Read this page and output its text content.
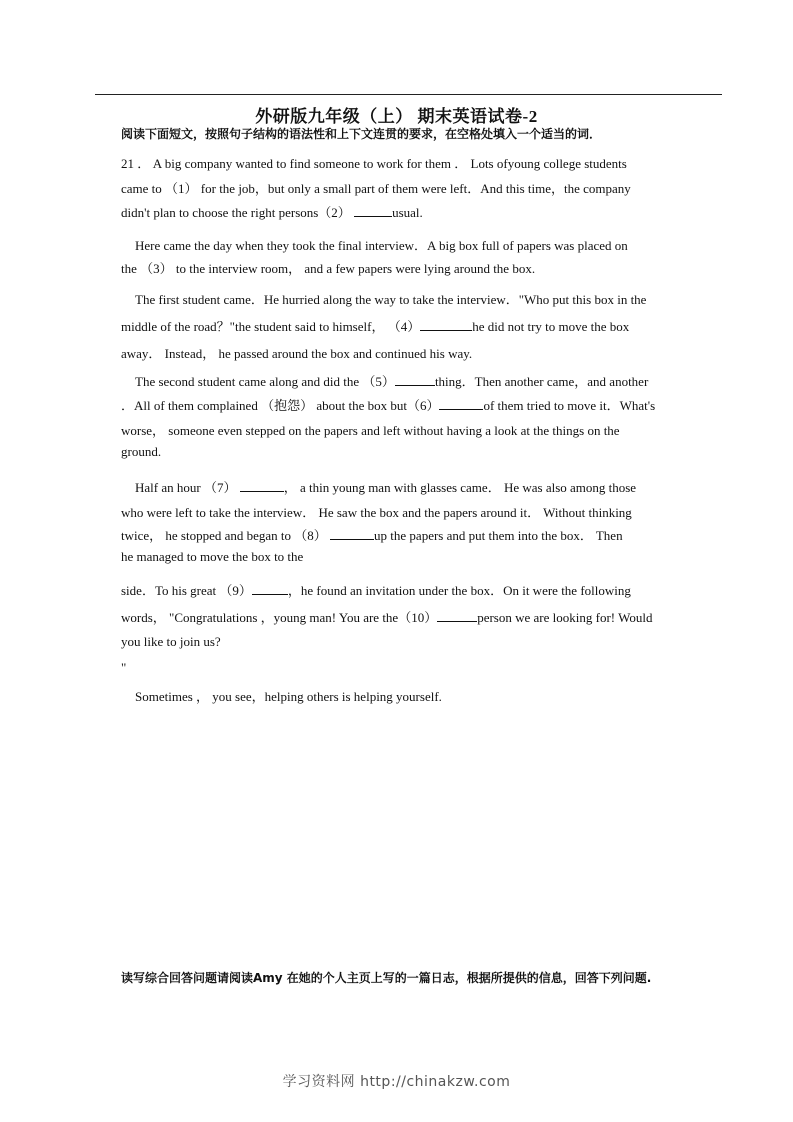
外研版九年级（上） 期末英语试卷-2
阅读下面短文，按照句子结构的语法性和上下文连贯的要求，在空格处填入一个适当的词．
21 ． A big company wanted to find someone to work for them ． Lots ofyoung college students
came to （1） for the job，but only a small part of them were left．And this time，the company
didn't plan to choose the right persons（2）	usual.
Here came the day when they took the final interview．A big box full of papers was placed on
the （3） to the interview room， and a few papers were lying around the box.
The first student came．He hurried along the way to take the interview．"Who put this box in the
middle of the road？"the student said to himself， （4）	he did not try to move the box
away． Instead， he passed around the box and continued his way.
The second student came along and did the （5）	thing．Then another came，and another
．All of them complained （抱怨） about the box but（6）	of them tried to move it．What's
worse， someone even stepped on the papers and left without having a look at the things on the
ground.
Half an hour （7）	， a thin young man with glasses came． He was also among those
who were left to take the interview． He saw the box and the papers around it． Without thinking
twice， he stopped and began to （8）	up the papers and put them into the box． Then
he managed to move the box to the
side．To his great （9）	，he found an invitation under the box．On it were the following
words， "Congratulations ，young man! You are the（10）	person we are looking for! Would
you like to join us?
"
Sometimes ， you see，helping others is helping yourself.
读写综合回答问题请阅读Amy 在她的个人主页上写的一篇日志，根据所提供的信息，回答下列问题.
学习资料网 http://chinakzw.com
